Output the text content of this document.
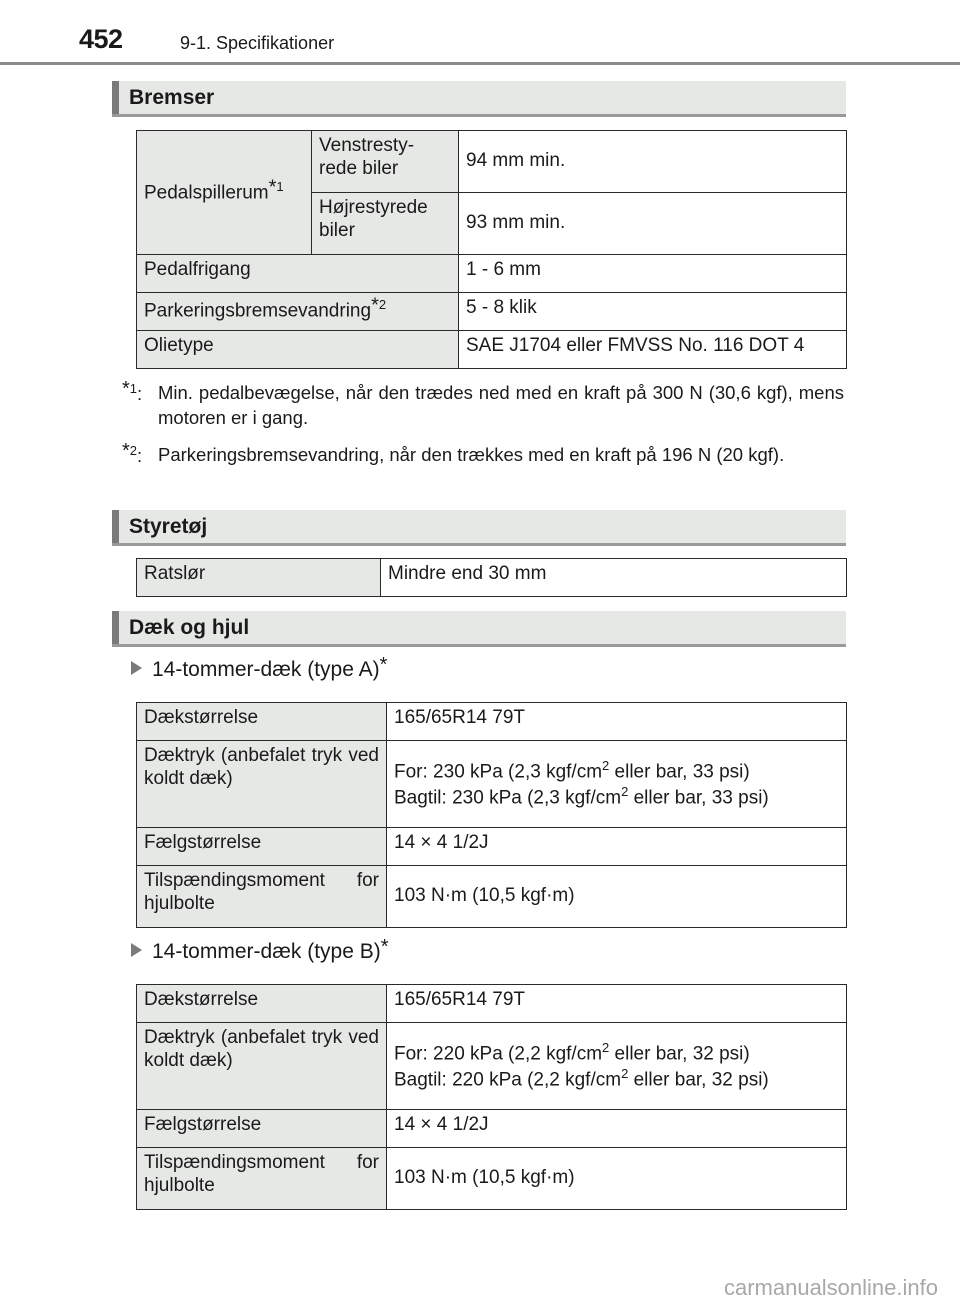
452	9-1. Specifikationer
Bremser
Pedalspillerum*$^1$	Venstresty- rede biler	94 mm min.
	Højrestyrede biler	93 mm min.
Pedalfrigang		1 - 6 mm
Parkeringsbremsevandring*$^2$		5 - 8 klik
Olietype		SAE J1704 eller FMVSS No. 116 DOT 4
*$^1$: Min. pedalbevægelse, når den trædes ned med en kraft på 300 N (30,6 kgf), mens motoren er i gang.
*$^2$: Parkeringsbremsevandring, når den trækkes med en kraft på 196 N (20 kgf).
Styretøj
Ratslør	Mindre end 30 mm
Dæk og hjul
14-tommer-dæk (type A)*
Dækstørrelse	165/65R14 79T
Dæktryk (anbefalet tryk ved koldt dæk)	For: 230 kPa (2,3 kgf/$cm^2$ eller bar, 33 psi)
Bagtil: 230 kPa (2,3 kgf/$cm^2$ eller bar, 33 psi)

Fælgstørrelse	14 × 4 1/2J
Tilspændingsmoment for hjulbolte	103 N·m (10,5 kgf·m)
14-tommer-dæk (type B)*
Dækstørrelse	165/65R14 79T
Dæktryk (anbefalet tryk ved koldt dæk)	For: 220 kPa (2,2 kgf/$cm^2$ eller bar, 32 psi)
Bagtil: 220 kPa (2,2 kgf/$cm^2$ eller bar, 32 psi)

Fælgstørrelse	14 × 4 1/2J
Tilspændingsmoment for hjulbolte	103 N·m (10,5 kgf·m)
carmanualsonline.info
